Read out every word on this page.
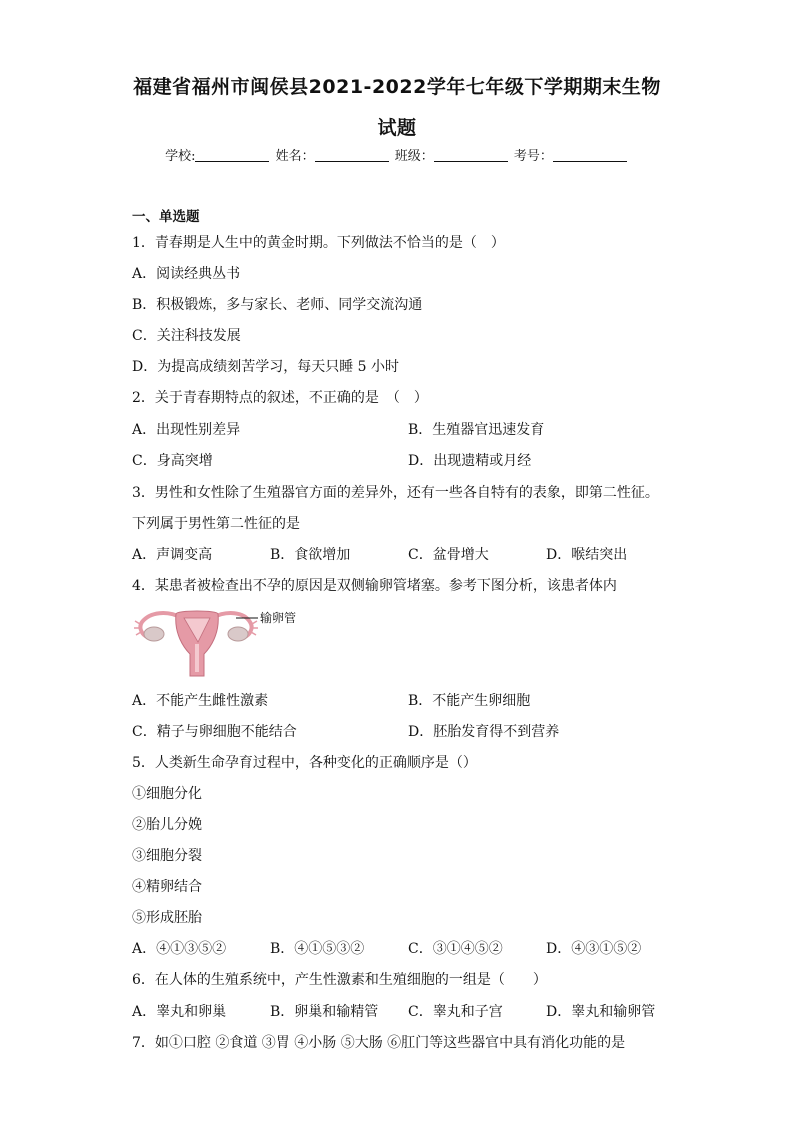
福建省福州市闽侯县2021-2022学年七年级下学期期末生物
试题
学校:	姓名：	班级：	考号：
一、单选题
1．青春期是人生中的黄金时期。下列做法不恰当的是（　）
A．阅读经典丛书
B．积极锻炼，多与家长、老师、同学交流沟通
C．关注科技发展
D．为提高成绩刻苦学习，每天只睡 5 小时
2．关于青春期特点的叙述，不正确的是　（　）
A．出现性别差异	B．生殖器官迅速发育
C．身高突增	D．出现遗精或月经
3．男性和女性除了生殖器官方面的差异外，还有一些各自特有的表象，即第二性征。
下列属于男性第二性征的是
A．声调变高	B．食欲增加	C．盆骨增大	D．喉结突出
4．某患者被检查出不孕的原因是双侧输卵管堵塞。参考下图分析，该患者体内
输卵管
A．不能产生雌性激素	B．不能产生卵细胞
C．精子与卵细胞不能结合	D．胚胎发育得不到营养
5．人类新生命孕育过程中，各种变化的正确顺序是（）
①细胞分化
②胎儿分娩
③细胞分裂
④精卵结合
⑤形成胚胎
A．④①③⑤②	B．④①⑤③②	C．③①④⑤②	D．④③①⑤②
6．在人体的生殖系统中，产生性激素和生殖细胞的一组是（　　）
A．睾丸和卵巢	B．卵巢和输精管 C．睾丸和子宫	D．睾丸和输卵管
7．如①口腔 ②食道 ③胃 ④小肠 ⑤大肠 ⑥肛门等这些器官中具有消化功能的是
